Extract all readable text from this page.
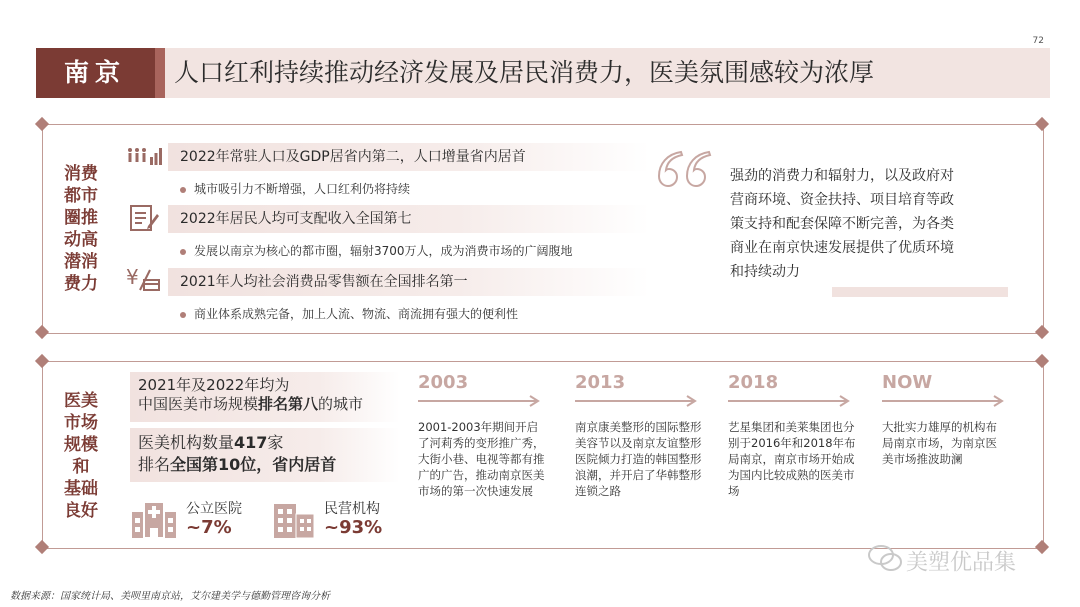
72
南京	人口红利持续推动经济发展及居民消费力，医美氛围感较为浓厚
消费
都市
圈推
动高
潜消
费力
2022年常驻人口及GDP居省内第二，人口增量省内居首
城市吸引力不断增强，人口红利仍将持续
2022年居民人均可支配收入全国第七
发展以南京为核心的都市圈，辐射3700万人，成为消费市场的广阔腹地
¥	2021年人均社会消费品零售额在全国排名第一
商业体系成熟完备，加上人流、物流、商流拥有强大的便利性
强劲的消费力和辐射力，以及政府对
营商环境、资金扶持、项目培育等政
策支持和配套保障不断完善，为各类
商业在南京快速发展提供了优质环境
和持续动力
医美
市场
规模
和
基础
良好
2021年及2022年均为
中国医美市场规模排名第八的城市
医美机构数量417家
排名全国第10位，省内居首
公立医院
~7%
民营机构
~93%
2003
2001-2003年期间开启了河莉秀的变形推广秀，大街小巷、电视等都有推广的广告，推动南京医美市场的第一次快速发展
2013
南京康美整形的国际整形美容节以及南京友谊整形医院倾力打造的韩国整形浪潮，并开启了华韩整形连锁之路
2018
艺星集团和美莱集团也分别于2016年和2018年布局南京，南京市场开始成为国内比较成熟的医美市场
NOW
大批实力雄厚的机构布局南京市场，为南京医美市场推波助澜
美塑优品集
数据来源：国家统计局、美呗里南京站，艾尔建美学与德勤管理咨询分析
